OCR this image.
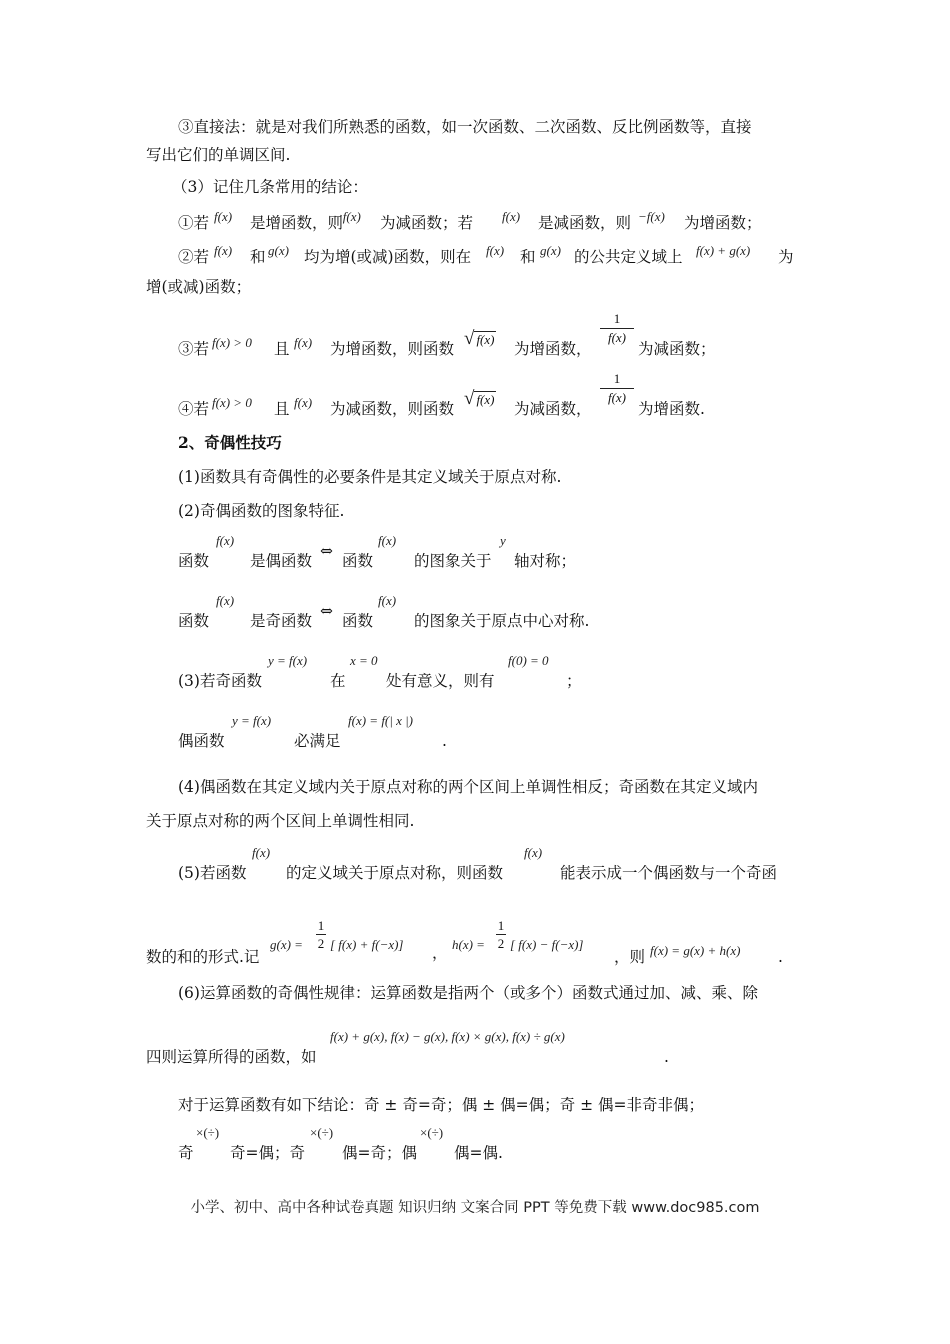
③直接法：就是对我们所熟悉的函数，如一次函数、二次函数、反比例函数等，直接
写出它们的单调区间.
（3）记住几条常用的结论：
①若 f(x) 是增函数，则
−f(x) 为减函数；若 f(x) 是减函数，则 −f(x) 为增函数；
②若 f(x) 和 g(x) 均为增(或减)函数，则在 f(x) 和 g(x) 的公共定义域上 f(x) + g(x) 为
增(或减)函数；
③若 f(x) > 0 且 f(x) 为增函数，则函数 √ f(x)
为增函数，
$\frac{1}{f(x)}$
为减函数；
④若 f(x) > 0 且 f(x) 为减函数，则函数 √ f(x)
为减函数，
$\frac{1}{f(x)}$
为增函数.
2、奇偶性技巧
(1)函数具有奇偶性的必要条件是其定义域关于原点对称.
(2)奇偶函数的图象特征.
函数
f(x)
是偶函数
⇔
函数
f(x)
的图象关于
y
轴对称；
函数
f(x)
是奇函数
⇔
函数
f(x)
的图象关于原点中心对称.
(3)若奇函数
y = f(x)
在
x = 0
处有意义，则有
f(0) = 0
；
偶函数
y = f(x)
必满足
f(x) = f(| x |)
.
(4)偶函数在其定义域内关于原点对称的两个区间上单调性相反；奇函数在其定义域内
关于原点对称的两个区间上单调性相同.
(5)若函数
f(x)
的定义域关于原点对称，则函数
f(x)
能表示成一个偶函数与一个奇函
数的和的形式.记
$g(x) = \frac{1}{2}$ [ f(x) + f(−x)] ， $h(x) = \frac{1}{2}$ [ f(x) − f(−x)]
，则 f(x) = g(x) + h(x) .
(6)运算函数的奇偶性规律：运算函数是指两个（或多个）函数式通过加、减、乘、除
四则运算所得的函数，如
f(x) + g(x), f(x) − g(x), f(x) × g(x), f(x) ÷ g(x)
.
对于运算函数有如下结论：奇 ± 奇=奇；偶 ± 偶=偶；奇 ± 偶=非奇非偶；
奇
×(÷)
奇=偶；奇
×(÷)
偶=奇；偶
×(÷)
偶=偶.
小学、初中、高中各种试卷真题 知识归纳 文案合同 PPT 等免费下载 www.doc985.com
